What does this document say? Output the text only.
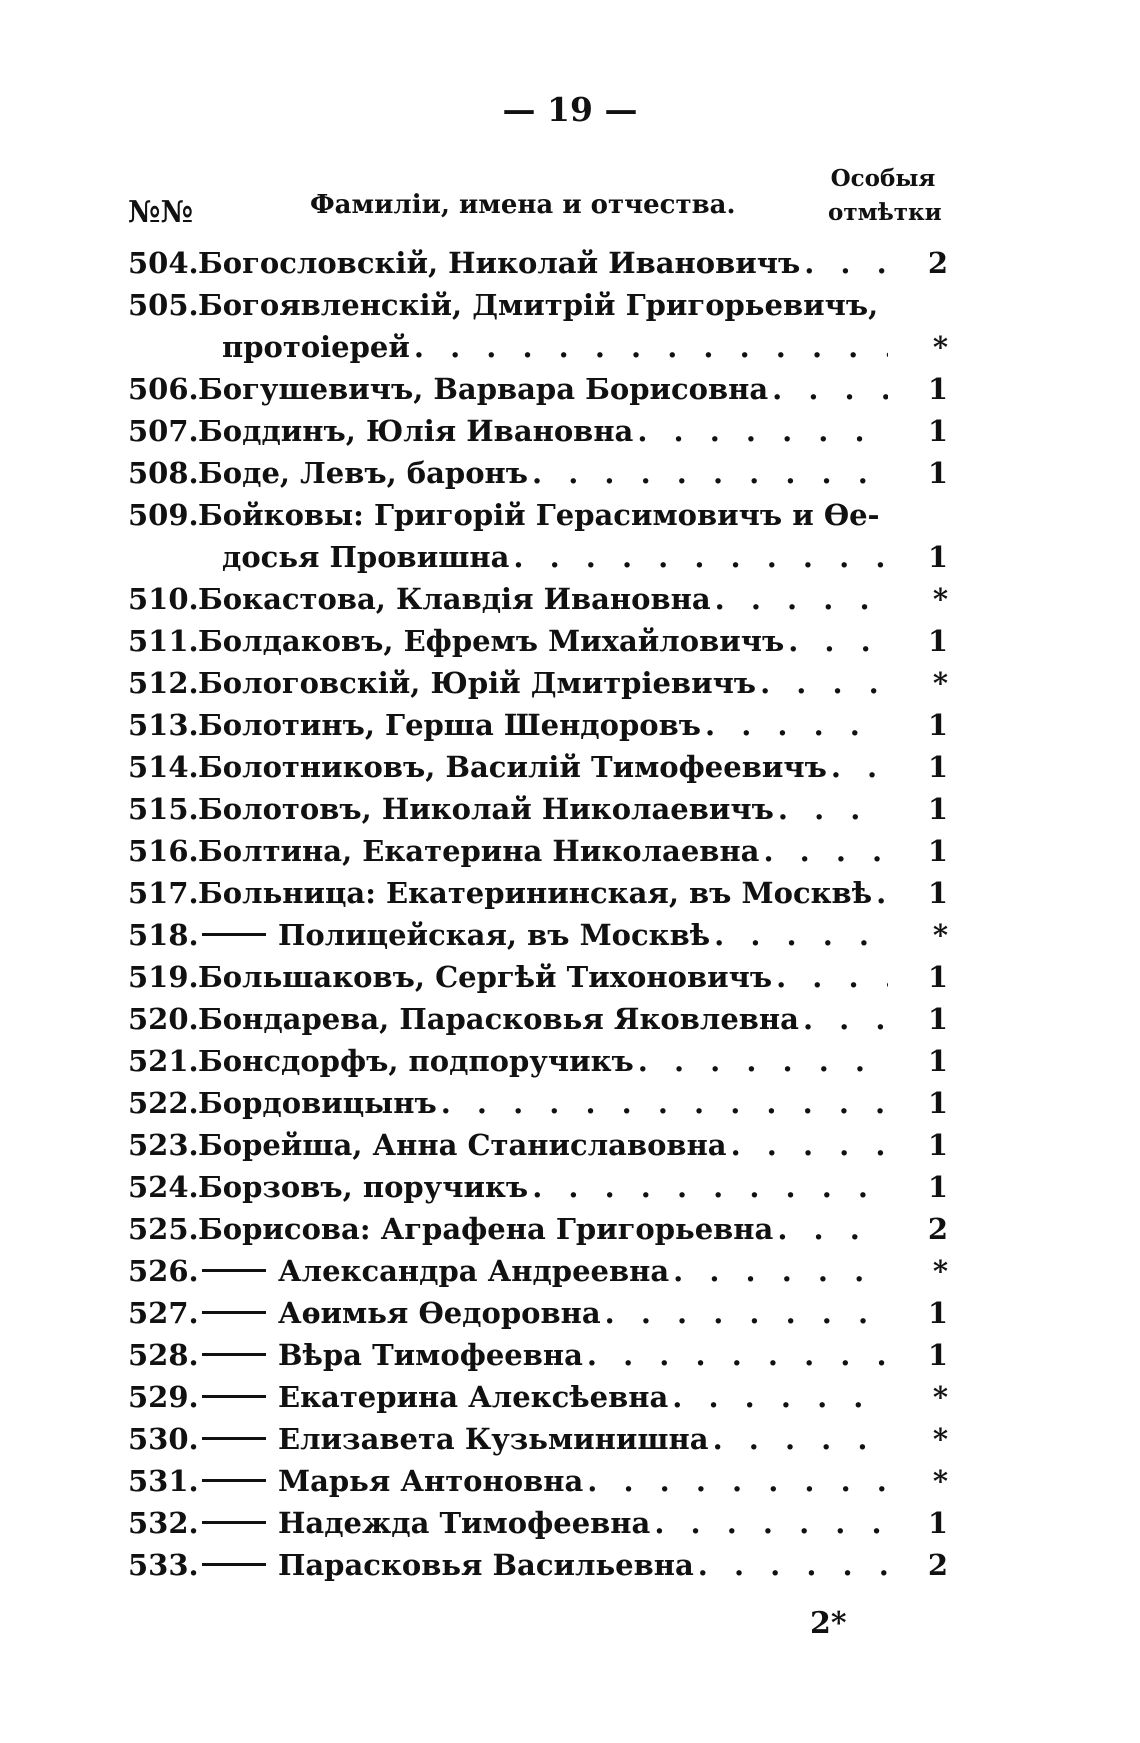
— 19 —
№№	Фамиліи, имена и отчества.
Особыя
отмѣтки
504. Богословскій, Николай Ивановичъ . . .	2
505. Богоявленскій, Дмитрій Григорьевичъ,
протоіерей . . .	*
506. Богушевичъ, Варвара Борисовна . . .	1
507. Боддинъ, Юлія Ивановна . . .	1
508. Боде, Левъ, баронъ . . .	1
509. Бойковы: Григорій Герасимовичъ и Ѳе-
досья Провишна . . .	1
510. Бокастова, Клавдія Ивановна . . .	*
511. Болдаковъ, Ефремъ Михайловичъ . . .	1
512. Бологовскій, Юрій Дмитріевичъ . . .	*
513. Болотинъ, Герша Шендоровъ . . .	1
514. Болотниковъ, Василій Тимофеевичъ . . .	1
515. Болотовъ, Николай Николаевичъ . . .	1
516. Болтина, Екатерина Николаевна . . .	1
517. Больница: Екатерининская, въ Москвѣ . . .	1
518.	Полицейская, въ Москвѣ . . .	*
519. Большаковъ, Сергѣй Тихоновичъ . . .	1
520. Бондарева, Парасковья Яковлевна . . .	1
521. Бонсдорфъ, подпоручикъ . . .	1
522. Бордовицынъ . . .	1
523. Борейша, Анна Станиславовна . . .	1
524. Борзовъ, поручикъ . . .	1
525. Борисова: Аграфена Григорьевна . . .	2
526.	Александра Андреевна . . .	*
527.	Аѳимья Ѳедоровна . . .	1
528.	Вѣра Тимофеевна . . .	1
529.	Екатерина Алексѣевна . . .	*
530.	Елизавета Кузьминишна . . .	*
531.	Марья Антоновна . . .	*
532.	Надежда Тимофеевна . . .	1
533.	Парасковья Васильевна . . .	2
2*
